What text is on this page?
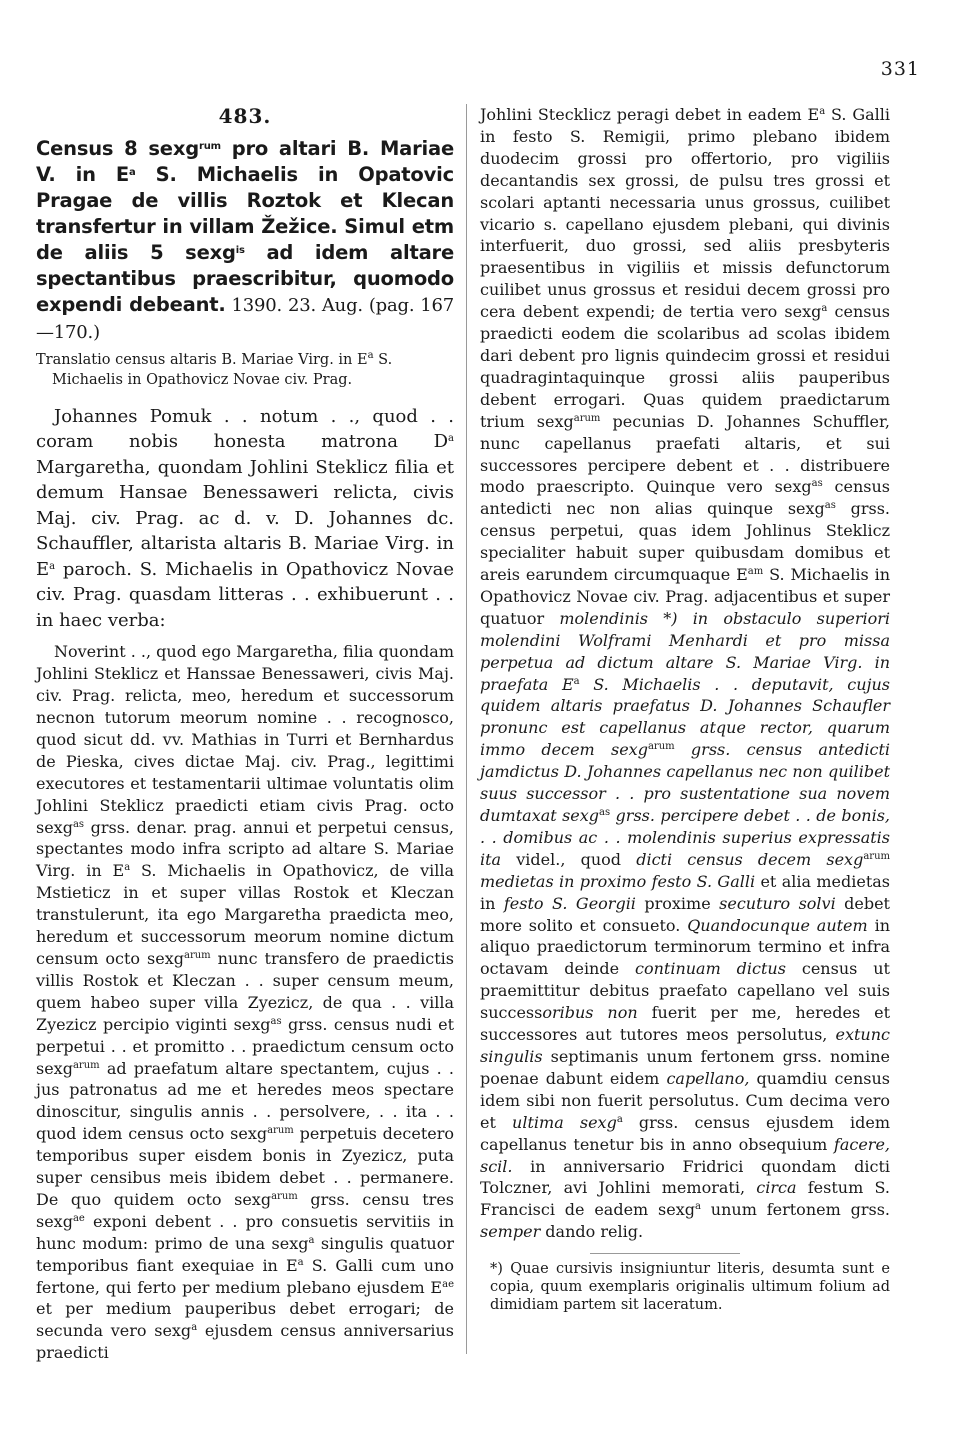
331
483.
Census 8 sexg$^{rum}$ pro altari B. Mariae V. in $E^a$ S. Michaelis in Opatovic Pragae de villis Roztok et Klecan transfertur in villam Žežice. Simul etm de aliis 5 sexg$^{is}$ ad idem altare spectantibus praescribitur, quomodo expendi debeant. 1390. 23. Aug. (pag. 167—170.)
Translatio census altaris B. Mariae Virg. in $E^a$ S.
Michaelis in Opathovicz Novae civ. Prag.
Johannes Pomuk . . notum . ., quod . . coram nobis honesta matrona $D^a$ Margaretha, quondam Johlini Steklicz filia et demum Hansae Benessaweri relicta, civis Maj. civ. Prag. ac d. v. D. Johannes dc. Schauffler, altarista altaris B. Mariae Virg. in $E^a$ paroch. S. Michaelis in Opathovicz Novae civ. Prag. quasdam litteras . . exhibuerunt . . in haec verba:
Noverint . ., quod ego Margaretha, filia quondam Johlini Steklicz et Hanssae Benessaweri, civis Maj. civ. Prag. relicta, meo, heredum et successorum necnon tutorum meorum nomine . . recognosco, quod sicut dd. vv. Mathias in Turri et Bernhardus de Pieska, cives dictae Maj. civ. Prag., legittimi executores et testamentarii ultimae voluntatis olim Johlini Steklicz praedicti etiam civis Prag. octo sexg$^{as}$ grss. denar. prag. annui et perpetui census, spectantes modo infra scripto ad altare S. Mariae Virg. in $E^a$ S. Michaelis in Opathovicz, de villa Mstieticz in et super villas Rostok et Kleczan transtulerunt, ita ego Margaretha praedicta meo, heredum et successorum meorum nomine dictum censum octo sexg$^{arum}$ nunc transfero de praedictis villis Rostok et Kleczan . . super censum meum, quem habeo super villa Zyezicz, de qua . . villa Zyezicz percipio viginti sexg$^{as}$ grss. census nudi et perpetui . . et promitto . . praedictum censum octo sexg$^{arum}$ ad praefatum altare spectantem, cujus . . jus patronatus ad me et heredes meos spectare dinoscitur, singulis annis . . persolvere, . . ita . . quod idem census octo sexg$^{arum}$ perpetuis decetero temporibus super eisdem bonis in Zyezicz, puta super censibus meis ibidem debet . . permanere. De quo quidem octo sexg$^{arum}$ grss. censu tres sexg$^{ae}$ exponi debent . . pro consuetis servitiis in hunc modum: primo de una sexg$^a$ singulis quatuor temporibus fiant exequiae in $E^a$ S. Galli cum uno fertone, qui ferto per medium plebano ejusdem $E^{ae}$ et per medium pauperibus debet errogari; de secunda vero sexg$^a$ ejusdem census anniversarius praedicti

Johlini Stecklicz peragi debet in eadem $E^a$ S. Galli in festo S. Remigii, primo plebano ibidem duodecim grossi pro offertorio, pro vigiliis decantandis sex grossi, de pulsu tres grossi et scolari aptanti necessaria unus grossus, cuilibet vicario s. capellano ejusdem plebani, qui divinis interfuerit, duo grossi, sed aliis presbyteris praesentibus in vigiliis et missis defunctorum cuilibet unus grossus et residui decem grossi pro cera debent expendi; de tertia vero sexg$^a$ census praedicti eodem die scolaribus ad scolas ibidem dari debent pro lignis quindecim grossi et residui quadragintaquinque grossi aliis pauperibus debent errogari. Quas quidem praedictarum trium sexg$^{arum}$ pecunias D. Johannes Schuffler, nunc capellanus praefati altaris, et sui successores percipere debent et . . distribuere modo praescripto. Quinque vero sexg$^{as}$ census antedicti nec non alias quinque sexg$^{as}$ grss. census perpetui, quas idem Johlinus Steklicz specialiter habuit super quibusdam domibus et areis earundem circumquaque $E^{am}$ S. Michaelis in Opathovicz Novae civ. Prag. adjacentibus et super quatuor molendinis *) in obstaculo superiori molendini Wolframi Menhardi et pro missa perpetua ad dictum altare S. Mariae Virg. in praefata $E^a$ S. Michaelis . . deputavit, cujus quidem altaris praefatus D. Johannes Schaufler pronunc est capellanus atque rector, quarum immo decem sexg$^{arum}$ grss. census antedicti jamdictus D. Johannes capellanus nec non quilibet suus successor . . pro sustentatione sua novem dumtaxat sexg$^{as}$ grss. percipere debet . . de bonis, . . domibus ac . . molendinis superius expressatis ita videl., quod dicti census decem sexg$^{arum}$ medietas in proximo festo S. Galli et alia medietas in festo S. Georgii proxime secuturo solvi debet more solito et consueto. Quandocunque autem in aliquo praedictorum terminorum termino et infra octavam deinde continuam dictus census ut praemittitur debitus praefato capellano vel suis successoribus non fuerit per me, heredes et successores aut tutores meos persolutus, extunc singulis septimanis unum fertonem grss. nomine poenae dabunt eidem capellano, quamdiu census idem sibi non fuerit persolutus. Cum decima vero et ultima sexg$^a$ grss. census ejusdem idem capellanus tenetur bis in anno obsequium facere, scil. in anniversario Fridrici quondam dicti Tolczner, avi Johlini memorati, circa festum S. Francisci de eadem sexg$^a$ unum fertonem grss. semper dando relig.

*) Quae cursivis insigniuntur literis, desumta sunt e copia, quum exemplaris originalis ultimum folium ad dimidiam partem sit laceratum.
